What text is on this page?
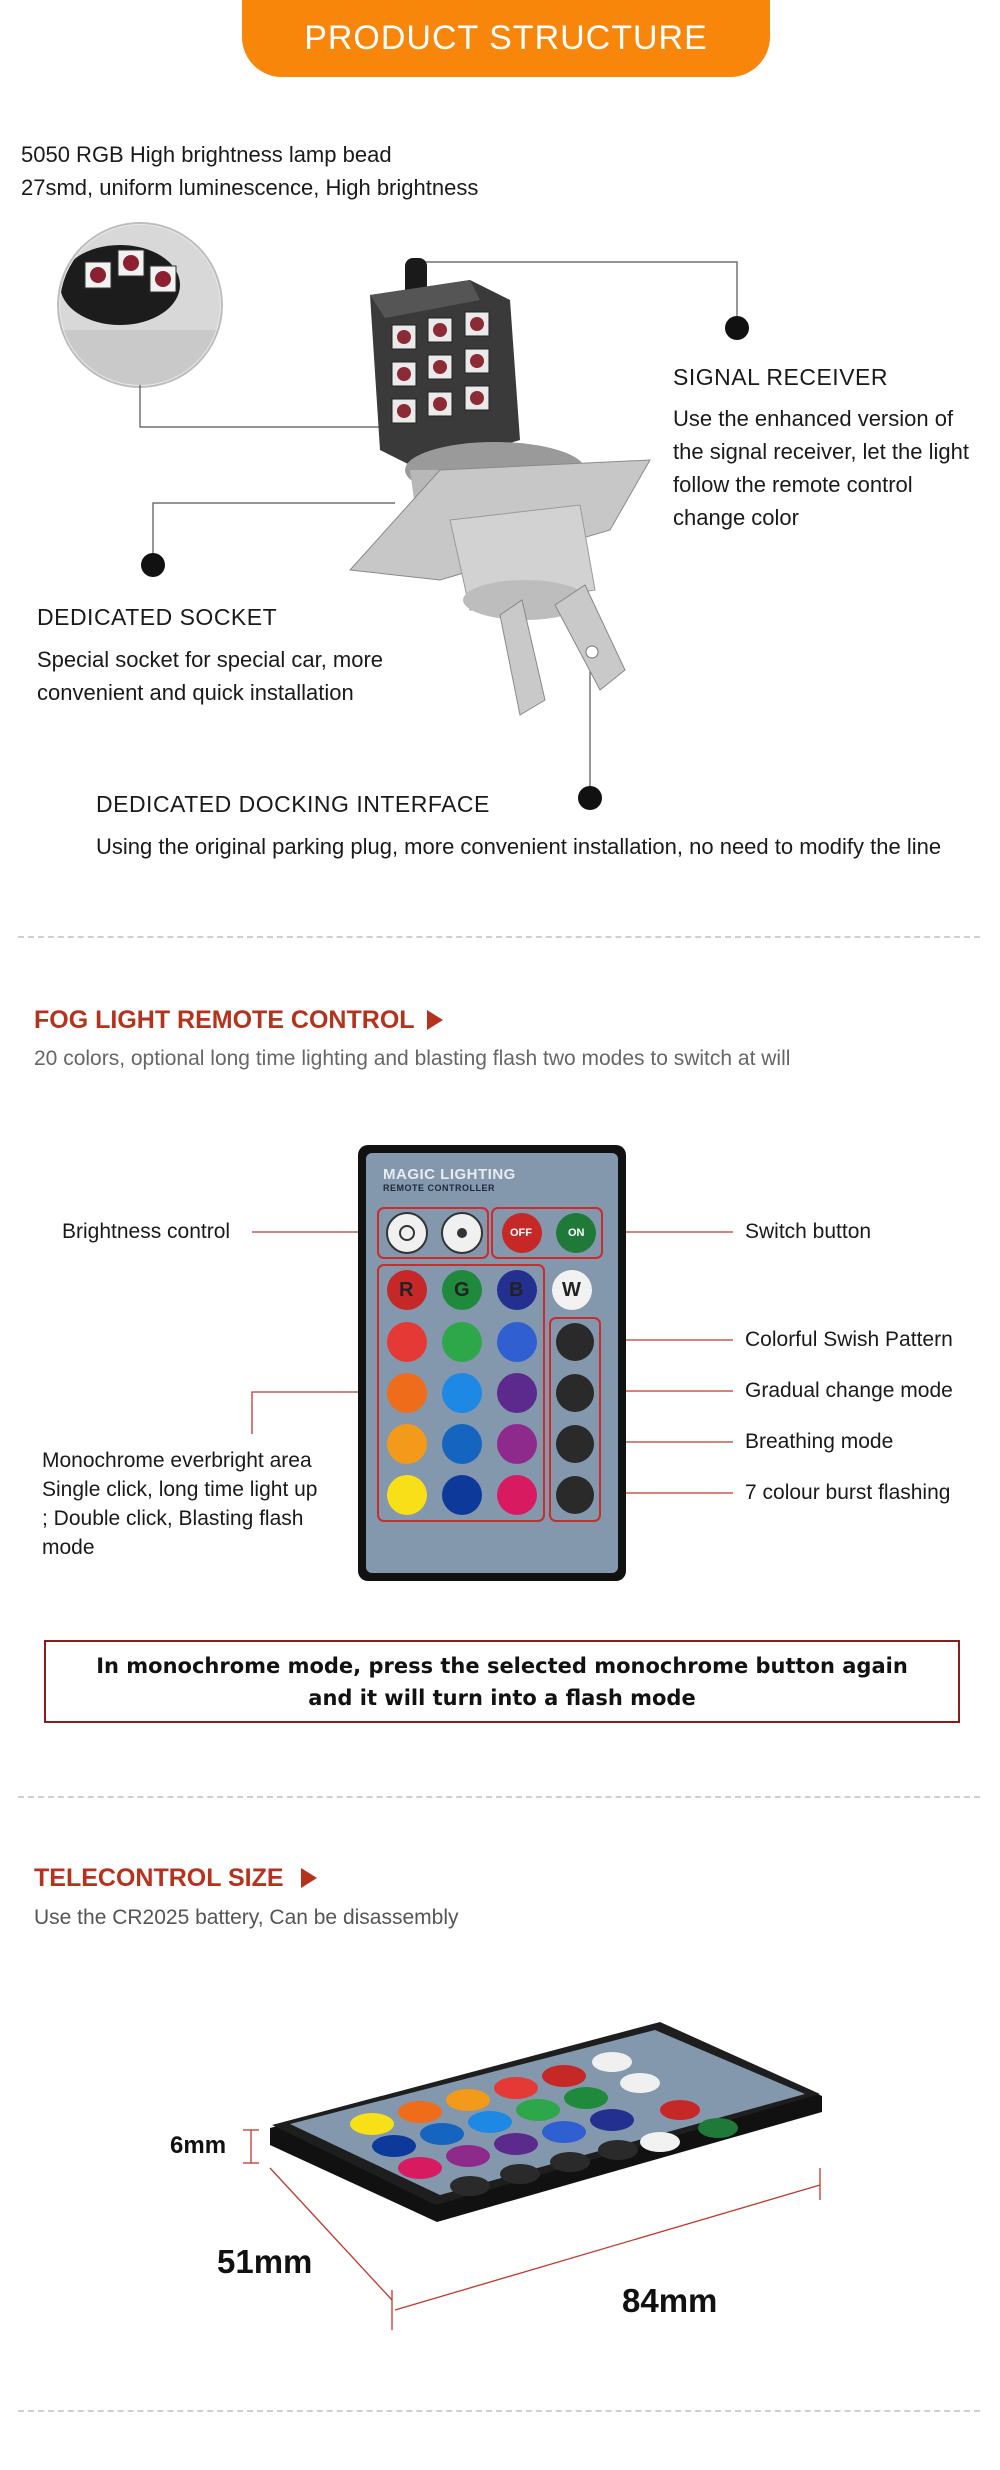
PRODUCT STRUCTURE
5050 RGB High brightness lamp bead
27smd, uniform luminescence, High brightness
SIGNAL RECEIVER
Use the enhanced version of
the signal receiver, let the light
follow the remote control
change color
DEDICATED SOCKET
Special socket for special car, more
convenient and quick installation
DEDICATED DOCKING INTERFACE
Using the original parking plug, more convenient installation, no need to modify the line
FOG LIGHT REMOTE CONTROL
20 colors, optional long time lighting and blasting flash two modes to switch at will
MAGIC LIGHTING
REMOTE CONTROLLER
OFF	ON
R G B W
Brightness control	Switch button
Colorful Swish Pattern
Gradual change mode
Breathing mode
7 colour burst flashing
Monochrome everbright area
Single click, long time light up
; Double click, Blasting flash
mode
In monochrome mode, press the selected monochrome button again
and it will turn into a flash mode
TELECONTROL SIZE
Use the CR2025 battery, Can be disassembly
6mm
51mm
84mm
